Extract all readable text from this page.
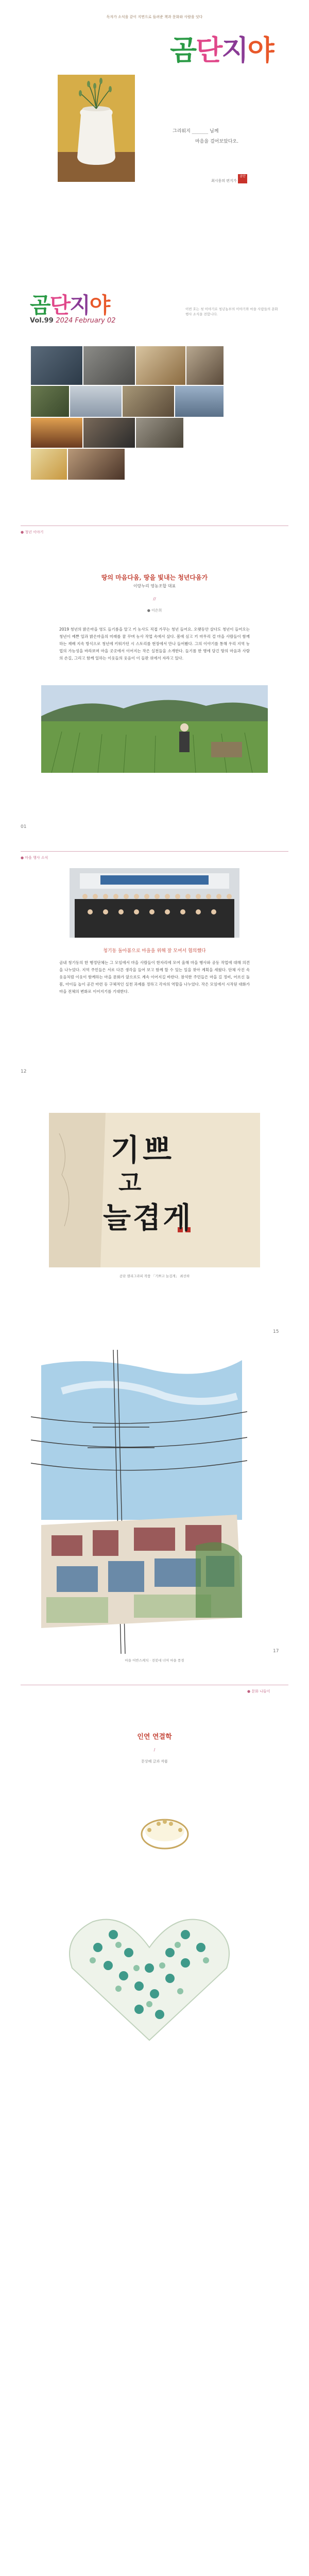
독자가 소식을 같이 지면으로 들려준 책과 문화와 사람을 잇다
곰단지야
그리워지 _______ 님께
마음을 걸어보았다오.
최시웅의 편지가
곰단
곰단지야
Vol.99 2024 February 02
이번 호는 첫 이야기로 청년농부의 이야기와 마을 사람들의 문화 행사 소식을 전합니다.
● 청년 이야기
땅의 마음다움, 땅을 빛내는 청년다움가
이랑누리 영농조합 대표
//
● 이은희
2019 청년의 밝은마을 영도 들기름을 알고 키 농사도 직접 가꾸는 청년 들어요. 오랫동안 살다도 청년이 들어오는 청년이 예쁜 일과 밝은마을의 미래를 꿈 꾸며 농사 작업 속에서 살다. 봄에 심고 키 마무리 걸 마을 사람들이 함께하는 재배 지속 방식으로 청년에 키워가던 시 스토리를 현장에서 만나 들어봤다. 그의 이야기를 통해 우리 지역 농업의 가능성을 바라보며 마을 곳곳에서 이어지는 작은 실천들을 소개한다. 들기름 한 병에 담긴 땅의 마음과 사람의 손길, 그리고 함께 일하는 이웃들의 웃음이 이 들판 위에서 자라고 있다.
01
● 마을 행사 소식
청기동 돌아봄으로 마을을 위해 잘 모여서 협의했다
곰내 청기동의 한 행정단체는 그 모임에서 마을 사람들이 한자리에 모여 올해 마을 행사와 공동 작업에 대해 의견을 나누었다. 지역 주민들은 서로 다른 생각을 들어 보고 함께 할 수 있는 일을 찾아 계획을 세웠다. 단체 사진 속 웃음처럼 이웃이 함께하는 마을 문화가 앞으로도 계속 이어지길 바란다. 참석한 주민들은 마을 길 정비, 어르신 돌봄, 아이들 놀이 공간 마련 등 구체적인 실천 과제를 정하고 각자의 역할을 나누었다. 작은 모임에서 시작된 대화가 마을 전체의 변화로 이어지기를 기대한다.
12
기쁘
고
늘겹게
곰단 캘리그라피 작품 「기쁘고 늘겁게」 최선하
15
마을 어반스케치 · 전봇대 너머 마을 풍경
17
● 문화 나들이
인연 연결학
/
문상혜 글과 작품
